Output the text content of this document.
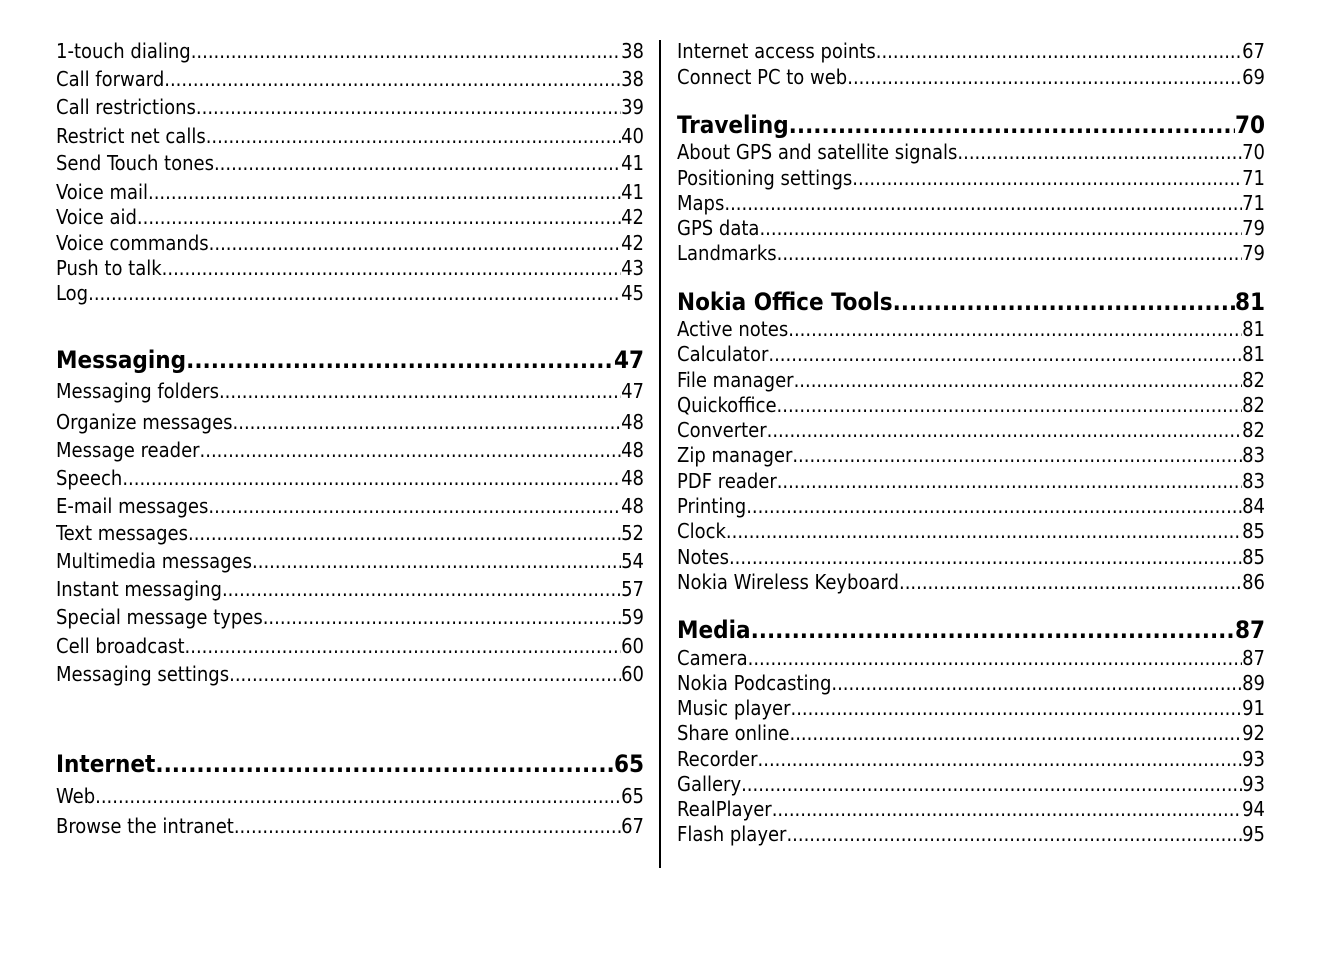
1-touch dialing .....	38
Call forward .....	38
Call restrictions .....	39
Restrict net calls .....	40
Send Touch tones .....	41
Voice mail .....	41
Voice aid .....	42
Voice commands .....	42
Push to talk .....	43
Log .....	45
Messaging .....	47
Messaging folders .....	47
Organize messages .....	48
Message reader .....	48
Speech .....	48
E-mail messages .....	48
Text messages .....	52
Multimedia messages .....	54
Instant messaging .....	57
Special message types .....	59
Cell broadcast .....	60
Messaging settings .....	60
Internet .....	65
Web .....	65
Browse the intranet .....	67
Internet access points .....	67
Connect PC to web .....	69
Traveling .....	70
About GPS and satellite signals .....	70
Positioning settings .....	71
Maps .....	71
GPS data .....	79
Landmarks .....	79
Nokia Office Tools .....	81
Active notes .....	81
Calculator .....	81
File manager .....	82
Quickoffice .....	82
Converter .....	82
Zip manager .....	83
PDF reader .....	83
Printing .....	84
Clock .....	85
Notes .....	85
Nokia Wireless Keyboard .....	86
Media .....	87
Camera .....	87
Nokia Podcasting .....	89
Music player .....	91
Share online .....	92
Recorder .....	93
Gallery .....	93
RealPlayer .....	94
Flash player .....	95
